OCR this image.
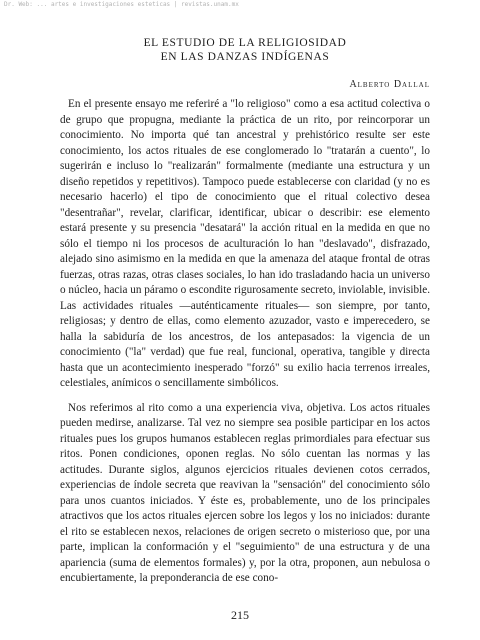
Dr. Web: ... artes e investigaciones esteticas | revistas.unam.mx
EL ESTUDIO DE LA RELIGIOSIDAD
EN LAS DANZAS INDÍGENAS
Alberto Dallal

En el presente ensayo me referiré a "lo religioso" como a esa actitud colectiva o de grupo que propugna, mediante la práctica de un rito, por reincorporar un conocimiento. No importa qué tan ancestral y prehistórico resulte ser este conocimiento, los actos rituales de ese conglomerado lo "tratarán a cuento", lo sugerirán e incluso lo "realizarán" formalmente (mediante una estructura y un diseño repetidos y repetitivos). Tampoco puede establecerse con claridad (y no es necesario hacerlo) el tipo de conocimiento que el ritual colectivo desea "desentrañar", revelar, clarificar, identificar, ubicar o describir: ese elemento estará presente y su presencia "desatará" la acción ritual en la medida en que no sólo el tiempo ni los procesos de aculturación lo han "deslavado", disfrazado, alejado sino asimismo en la medida en que la amenaza del ataque frontal de otras fuerzas, otras razas, otras clases sociales, lo han ido trasladando hacia un universo o núcleo, hacia un páramo o escondite rigurosamente secreto, inviolable, invisible. Las actividades rituales —auténticamente rituales— son siempre, por tanto, religiosas; y dentro de ellas, como elemento azuzador, vasto e imperecedero, se halla la sabiduría de los ancestros, de los antepasados: la vigencia de un conocimiento ("la" verdad) que fue real, funcional, operativa, tangible y directa hasta que un acontecimiento inesperado "forzó" su exilio hacia terrenos irreales, celestiales, anímicos o sencillamente simbólicos.

Nos referimos al rito como a una experiencia viva, objetiva. Los actos rituales pueden medirse, analizarse. Tal vez no siempre sea posible participar en los actos rituales pues los grupos humanos establecen reglas primordiales para efectuar sus ritos. Ponen condiciones, oponen reglas. No sólo cuentan las normas y las actitudes. Durante siglos, algunos ejercicios rituales devienen cotos cerrados, experiencias de índole secreta que reavivan la "sensación" del conocimiento sólo para unos cuantos iniciados. Y éste es, probablemente, uno de los principales atractivos que los actos rituales ejercen sobre los legos y los no iniciados: durante el rito se establecen nexos, relaciones de origen secreto o misterioso que, por una parte, implican la conformación y el "seguimiento" de una estructura y de una apariencia (suma de elementos formales) y, por la otra, proponen, aun nebulosa o encubiertamente, la preponderancia de ese cono-

215
